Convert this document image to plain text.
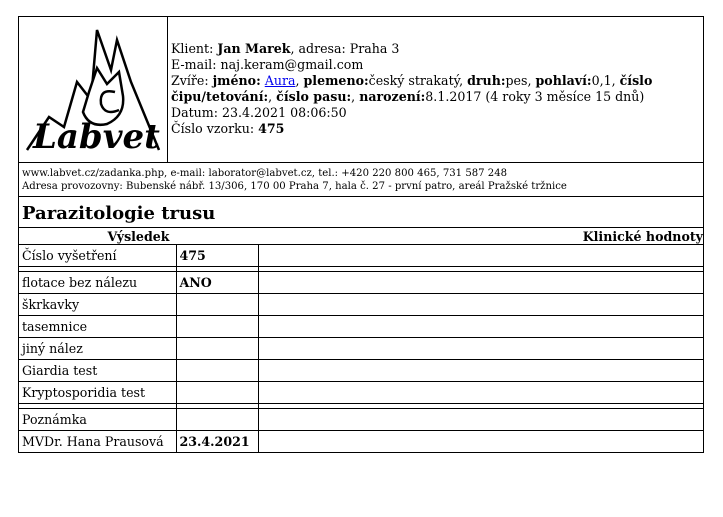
Labvet
Klient: Jan Marek, adresa: Praha 3
E-mail: naj.keram@gmail.com
Zvíře: jméno: Aura, plemeno:český strakatý, druh:pes, pohlaví:0,1, číslo čipu/tetování:, číslo pasu:, narození:8.1.2017 (4 roky 3 měsíce 15 dnů)
Datum: 23.4.2021 08:06:50
Číslo vzorku: 475
www.labvet.cz/zadanka.php, e-mail: laborator@labvet.cz, tel.: +420 220 800 465, 731 587 248
Adresa provozovny: Bubenské nábř. 13/306, 170 00 Praha 7, hala č. 27 - první patro, areál Pražské tržnice
Parazitologie trusu
Výsledek		Klinické hodnoty
Číslo vyšetření	475	

flotace bez nálezu	ANO	
škrkavky		
tasemnice		
jiný nález		
Giardia test		
Kryptosporidia test		

Poznámka		
MVDr. Hana Prausová	23.4.2021	
